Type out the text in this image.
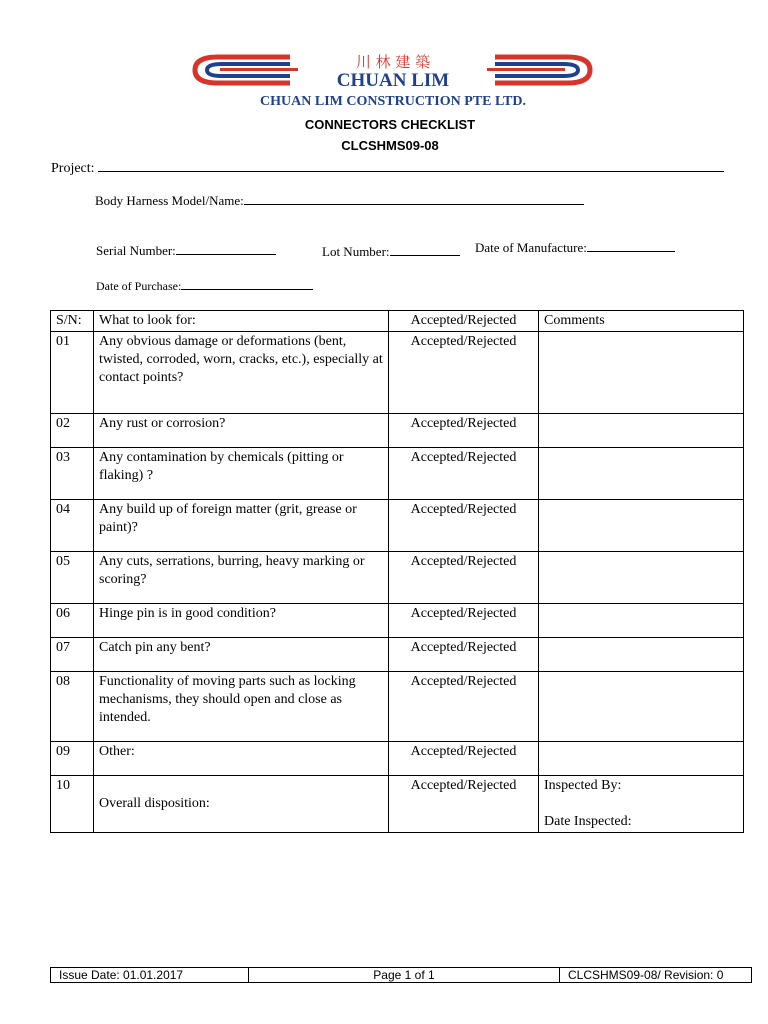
川 林 建 築
CHUAN LIM
CHUAN LIM CONSTRUCTION PTE LTD.
CONNECTORS CHECKLIST
CLCSHMS09-08
Project:
Body Harness Model/Name:
Serial Number:	Lot Number:	Date of Manufacture:
Date of Purchase:
S/N:	What to look for:	Accepted/Rejected	Comments
01	Any obvious damage or deformations (bent, twisted, corroded, worn, cracks, etc.), especially at contact points?	Accepted/Rejected	
02	Any rust or corrosion?	Accepted/Rejected	
03	Any contamination by chemicals (pitting or flaking) ?	Accepted/Rejected	
04	Any build up of foreign matter (grit, grease or paint)?	Accepted/Rejected	
05	Any cuts, serrations, burring, heavy marking or scoring?	Accepted/Rejected	
06	Hinge pin is in good condition?	Accepted/Rejected	
07	Catch pin any bent?	Accepted/Rejected	
08	Functionality of moving parts such as locking mechanisms, they should open and close as intended.	Accepted/Rejected	
09	Other:	Accepted/Rejected	
10	Overall disposition:	Accepted/Rejected	Inspected By:
Date Inspected:
Issue Date: 01.01.2017	Page 1 of 1	CLCSHMS09-08/ Revision: 0
